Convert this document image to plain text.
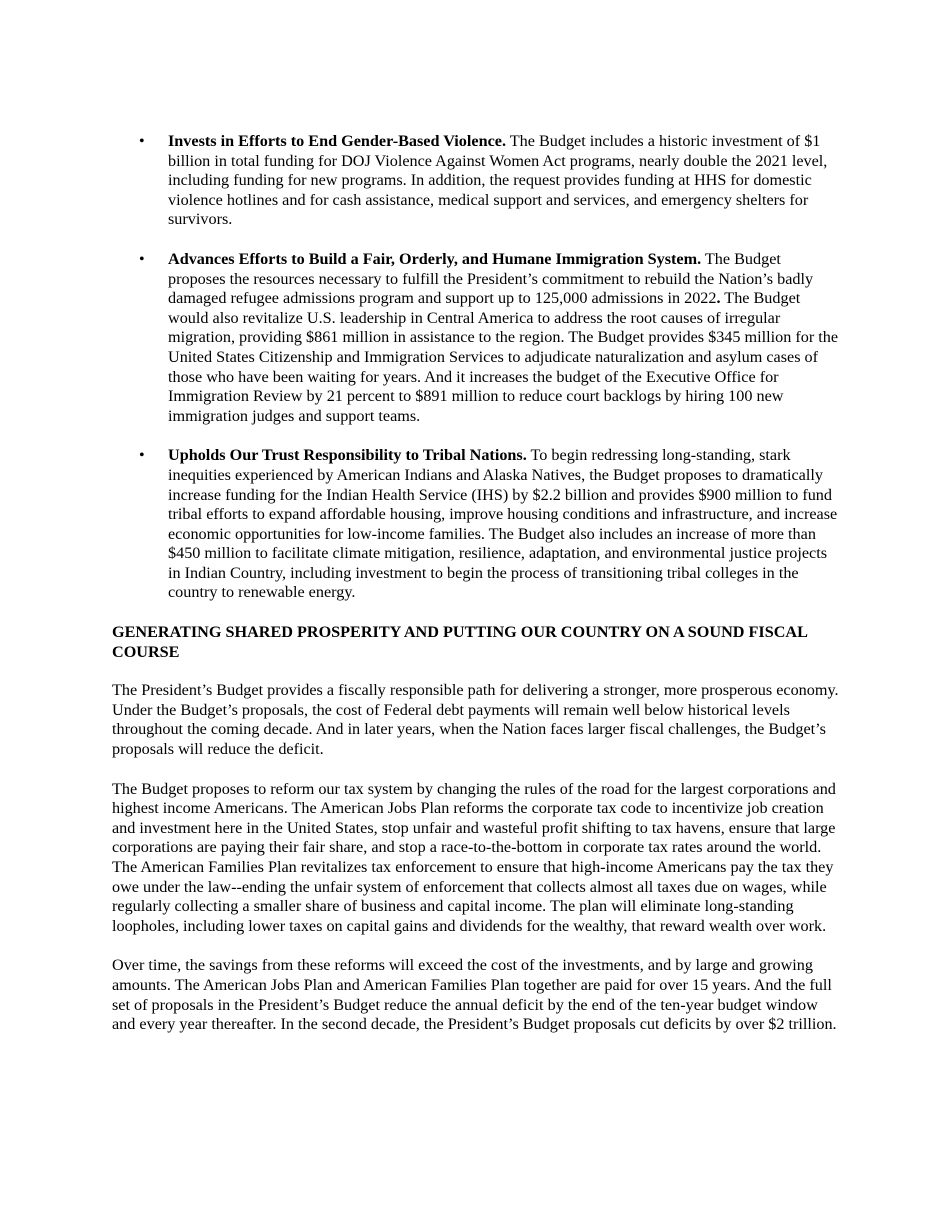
• Invests in Efforts to End Gender-Based Violence. The Budget includes a historic investment of $1 billion in total funding for DOJ Violence Against Women Act programs, nearly double the 2021 level, including funding for new programs. In addition, the request provides funding at HHS for domestic violence hotlines and for cash assistance, medical support and services, and emergency shelters for survivors.
• Advances Efforts to Build a Fair, Orderly, and Humane Immigration System. The Budget proposes the resources necessary to fulfill the President’s commitment to rebuild the Nation’s badly damaged refugee admissions program and support up to 125,000 admissions in 2022. The Budget would also revitalize U.S. leadership in Central America to address the root causes of irregular migration, providing $861 million in assistance to the region. The Budget provides $345 million for the United States Citizenship and Immigration Services to adjudicate naturalization and asylum cases of those who have been waiting for years. And it increases the budget of the Executive Office for Immigration Review by 21 percent to $891 million to reduce court backlogs by hiring 100 new immigration judges and support teams.
• Upholds Our Trust Responsibility to Tribal Nations. To begin redressing long-standing, stark inequities experienced by American Indians and Alaska Natives, the Budget proposes to dramatically increase funding for the Indian Health Service (IHS) by $2.2 billion and provides $900 million to fund tribal efforts to expand affordable housing, improve housing conditions and infrastructure, and increase economic opportunities for low-income families. The Budget also includes an increase of more than $450 million to facilitate climate mitigation, resilience, adaptation, and environmental justice projects in Indian Country, including investment to begin the process of transitioning tribal colleges in the country to renewable energy.
GENERATING SHARED PROSPERITY AND PUTTING OUR COUNTRY ON A SOUND FISCAL COURSE

The President’s Budget provides a fiscally responsible path for delivering a stronger, more prosperous economy. Under the Budget’s proposals, the cost of Federal debt payments will remain well below historical levels throughout the coming decade. And in later years, when the Nation faces larger fiscal challenges, the Budget’s proposals will reduce the deficit.

The Budget proposes to reform our tax system by changing the rules of the road for the largest corporations and highest income Americans. The American Jobs Plan reforms the corporate tax code to incentivize job creation and investment here in the United States, stop unfair and wasteful profit shifting to tax havens, ensure that large corporations are paying their fair share, and stop a race-to-the-bottom in corporate tax rates around the world. The American Families Plan revitalizes tax enforcement to ensure that high-income Americans pay the tax they owe under the law--ending the unfair system of enforcement that collects almost all taxes due on wages, while regularly collecting a smaller share of business and capital income. The plan will eliminate long-standing loopholes, including lower taxes on capital gains and dividends for the wealthy, that reward wealth over work.

Over time, the savings from these reforms will exceed the cost of the investments, and by large and growing amounts. The American Jobs Plan and American Families Plan together are paid for over 15 years. And the full set of proposals in the President’s Budget reduce the annual deficit by the end of the ten-year budget window and every year thereafter. In the second decade, the President’s Budget proposals cut deficits by over $2 trillion.
